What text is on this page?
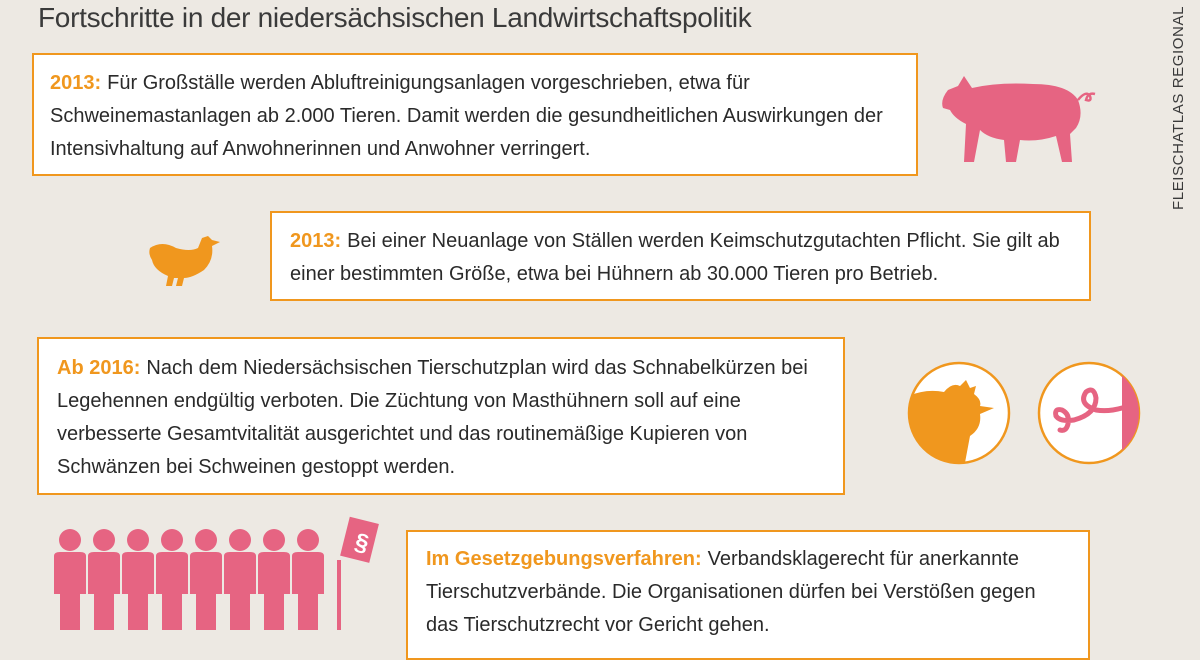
Fortschritte in der niedersächsischen Landwirtschaftspolitik	FLEISCHATLAS REGIONAL
2013: Für Großställe werden Abluftreinigungsanlagen vorgeschrieben, etwa für Schweinemastanlagen ab 2.000 Tieren. Damit werden die gesundheitlichen Auswirkungen der Intensivhaltung auf Anwohnerinnen und Anwohner verringert.
2013: Bei einer Neuanlage von Ställen werden Keimschutzgutachten Pflicht. Sie gilt ab einer bestimmten Größe, etwa bei Hühnern ab 30.000 Tieren pro Betrieb.
Ab 2016: Nach dem Niedersächsischen Tierschutzplan wird das Schnabelkürzen bei Legehennen endgültig verboten. Die Züchtung von Masthühnern soll auf eine verbesserte Gesamtvitalität ausgerichtet und das routinemäßige Kupieren von Schwänzen bei Schweinen gestoppt werden.
§
Im Gesetzgebungsverfahren: Verbandsklagerecht für anerkannte Tierschutzverbände. Die Organisationen dürfen bei Verstößen gegen das Tierschutzrecht vor Gericht gehen.
